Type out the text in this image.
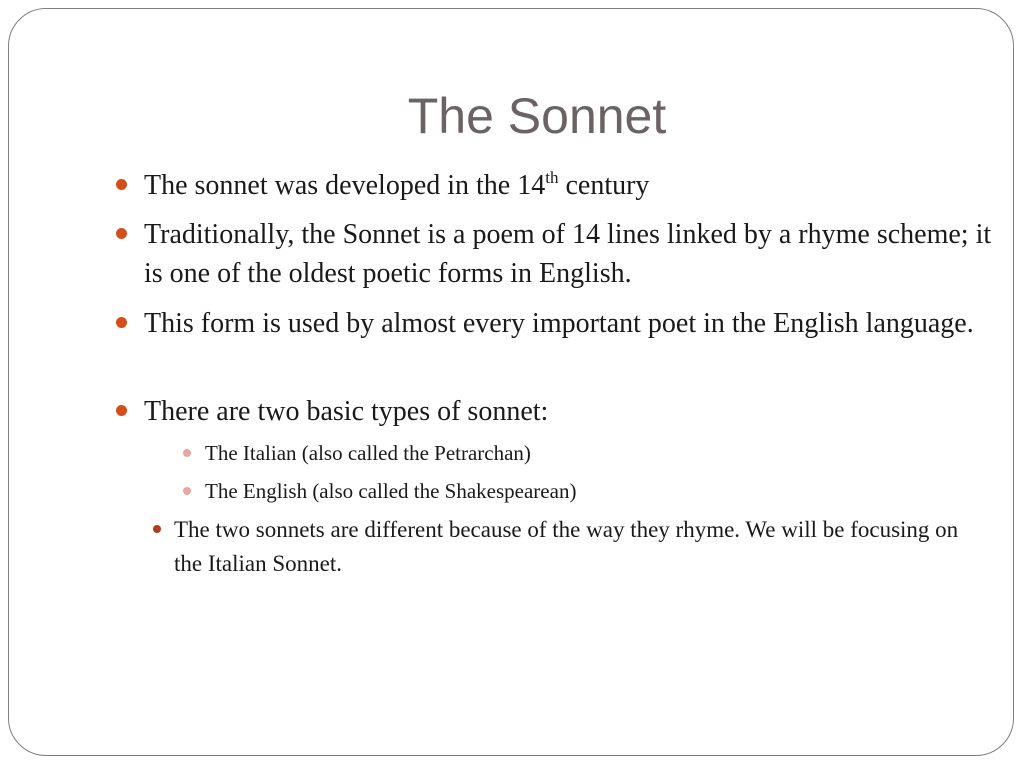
The Sonnet
The sonnet was developed in the 14th century
Traditionally, the Sonnet is a poem of 14 lines linked by a rhyme scheme; it is one of the oldest poetic forms in English.
This form is used by almost every important poet in the English language.
There are two basic types of sonnet:
The Italian (also called the Petrarchan)
The English (also called the Shakespearean)
The two sonnets are different because of the way they rhyme. We will be focusing on the Italian Sonnet.
